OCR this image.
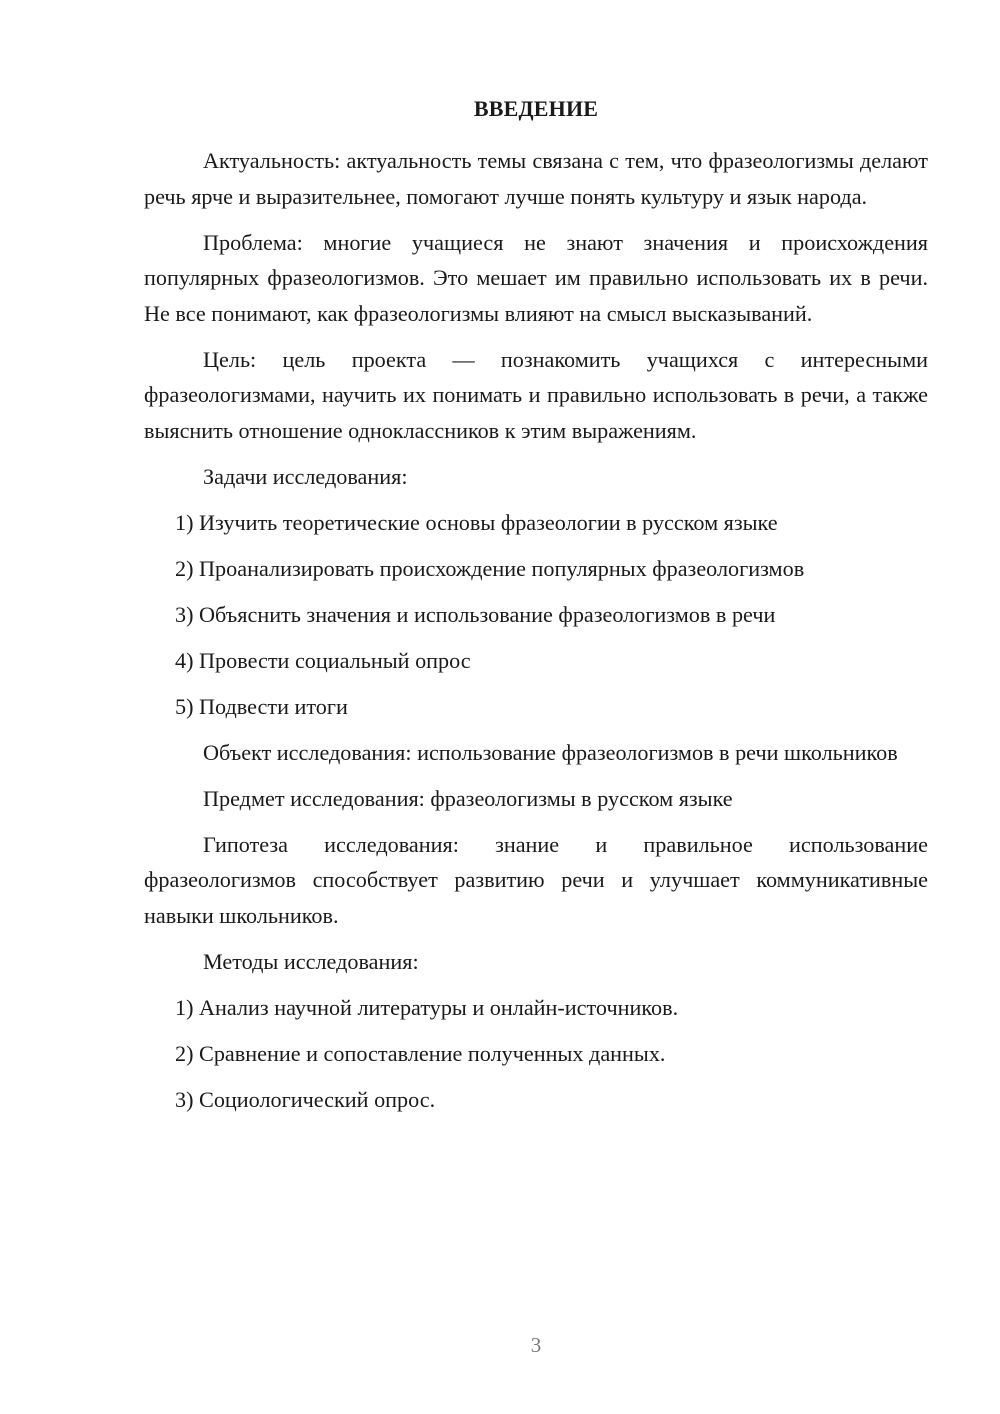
ВВЕДЕНИЕ

Актуальность: актуальность темы связана с тем, что фразеологизмы делают речь ярче и выразительнее, помогают лучше понять культуру и язык народа.

Проблема: многие учащиеся не знают значения и происхождения популярных фразеологизмов. Это мешает им правильно использовать их в речи. Не все понимают, как фразеологизмы влияют на смысл высказываний.

Цель: цель проекта — познакомить учащихся с интересными фразеологизмами, научить их понимать и правильно использовать в речи, а также выяснить отношение одноклассников к этим выражениям.

Задачи исследования:

1) Изучить теоретические основы фразеологии в русском языке

2) Проанализировать происхождение популярных фразеологизмов

3) Объяснить значения и использование фразеологизмов в речи

4) Провести социальный опрос

5) Подвести итоги

Объект исследования: использование фразеологизмов в речи школьников

Предмет исследования: фразеологизмы в русском языке

Гипотеза исследования: знание и правильное использование фразеологизмов способствует развитию речи и улучшает коммуникативные навыки школьников.

Методы исследования:

1) Анализ научной литературы и онлайн-источников.

2) Сравнение и сопоставление полученных данных.

3) Социологический опрос.

3
